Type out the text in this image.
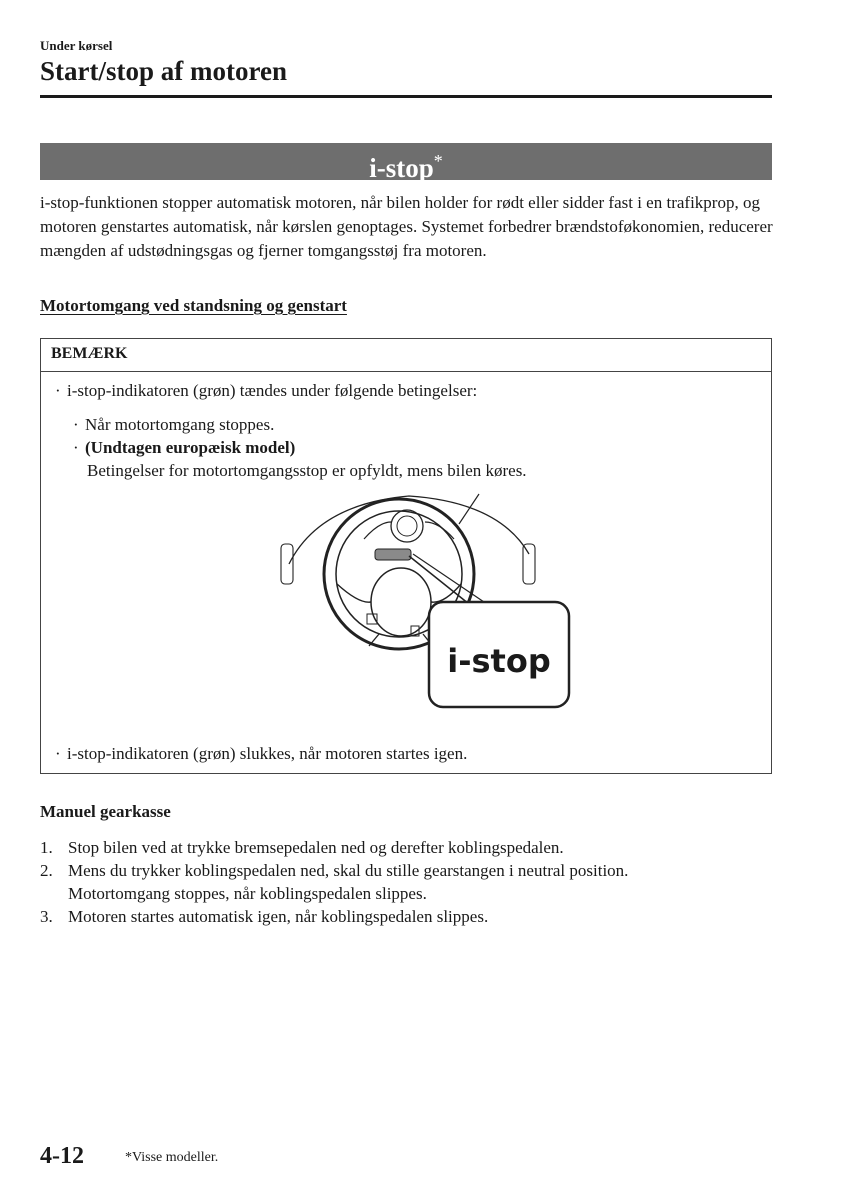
Under kørsel
Start/stop af motoren
i-stop*
i-stop-funktionen stopper automatisk motoren, når bilen holder for rødt eller sidder fast i en trafikprop, og motoren genstartes automatisk, når kørslen genoptages. Systemet forbedrer brændstoføkonomien, reducerer mængden af udstødningsgas og fjerner tomgangsstøj fra motoren.
Motortomgang ved standsning og genstart
BEMÆRK
· i-stop-indikatoren (grøn) tændes under følgende betingelser:
· Når motortomgang stoppes.
· (Undtagen europæisk model)
Betingelser for motortomgangsstop er opfyldt, mens bilen køres.
i-stop
· i-stop-indikatoren (grøn) slukkes, når motoren startes igen.
Manuel gearkasse
1. Stop bilen ved at trykke bremsepedalen ned og derefter koblingspedalen.
2. Mens du trykker koblingspedalen ned, skal du stille gearstangen i neutral position.
Motortomgang stoppes, når koblingspedalen slippes.
3. Motoren startes automatisk igen, når koblingspedalen slippes.
4-12	*Visse modeller.
